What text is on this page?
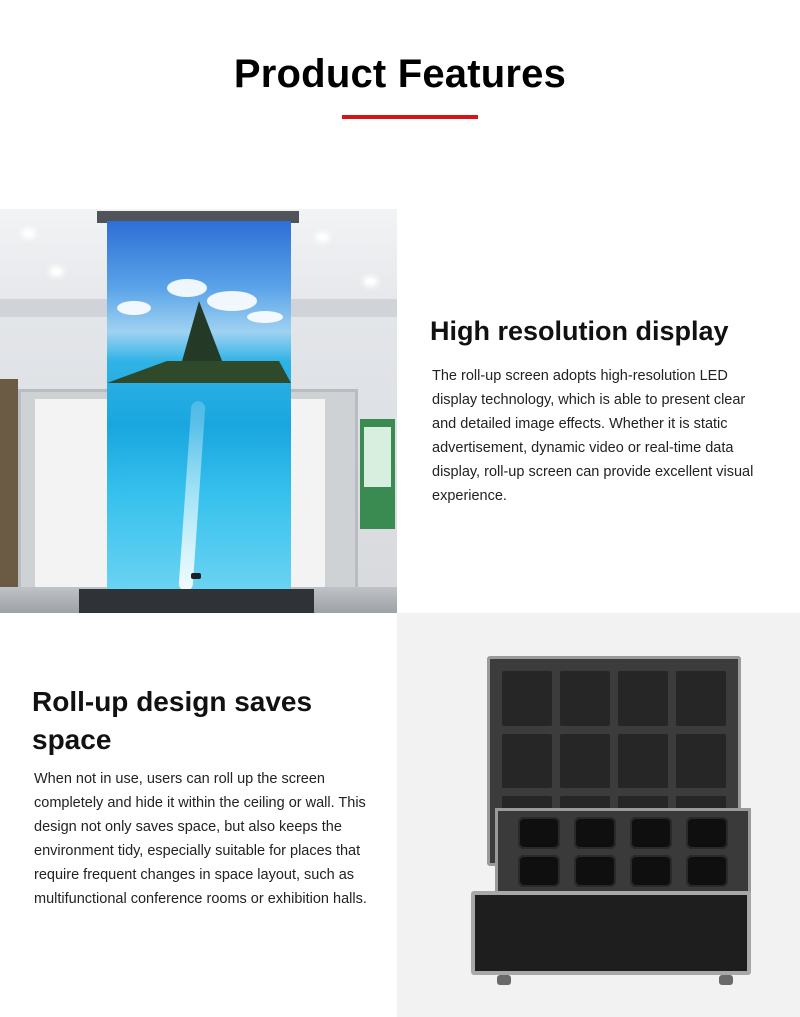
Product Features
High resolution display
The roll-up screen adopts high-resolution LED display technology, which is able to present clear and detailed image effects. Whether it is static advertisement, dynamic video or real-time data display, roll-up screen can provide excellent visual experience.
Roll-up design saves space
When not in use, users can roll up the screen completely and hide it within the ceiling or wall. This design not only saves space, but also keeps the environment tidy, especially suitable for places that require frequent changes in space layout, such as multifunctional conference rooms or exhibition halls.
